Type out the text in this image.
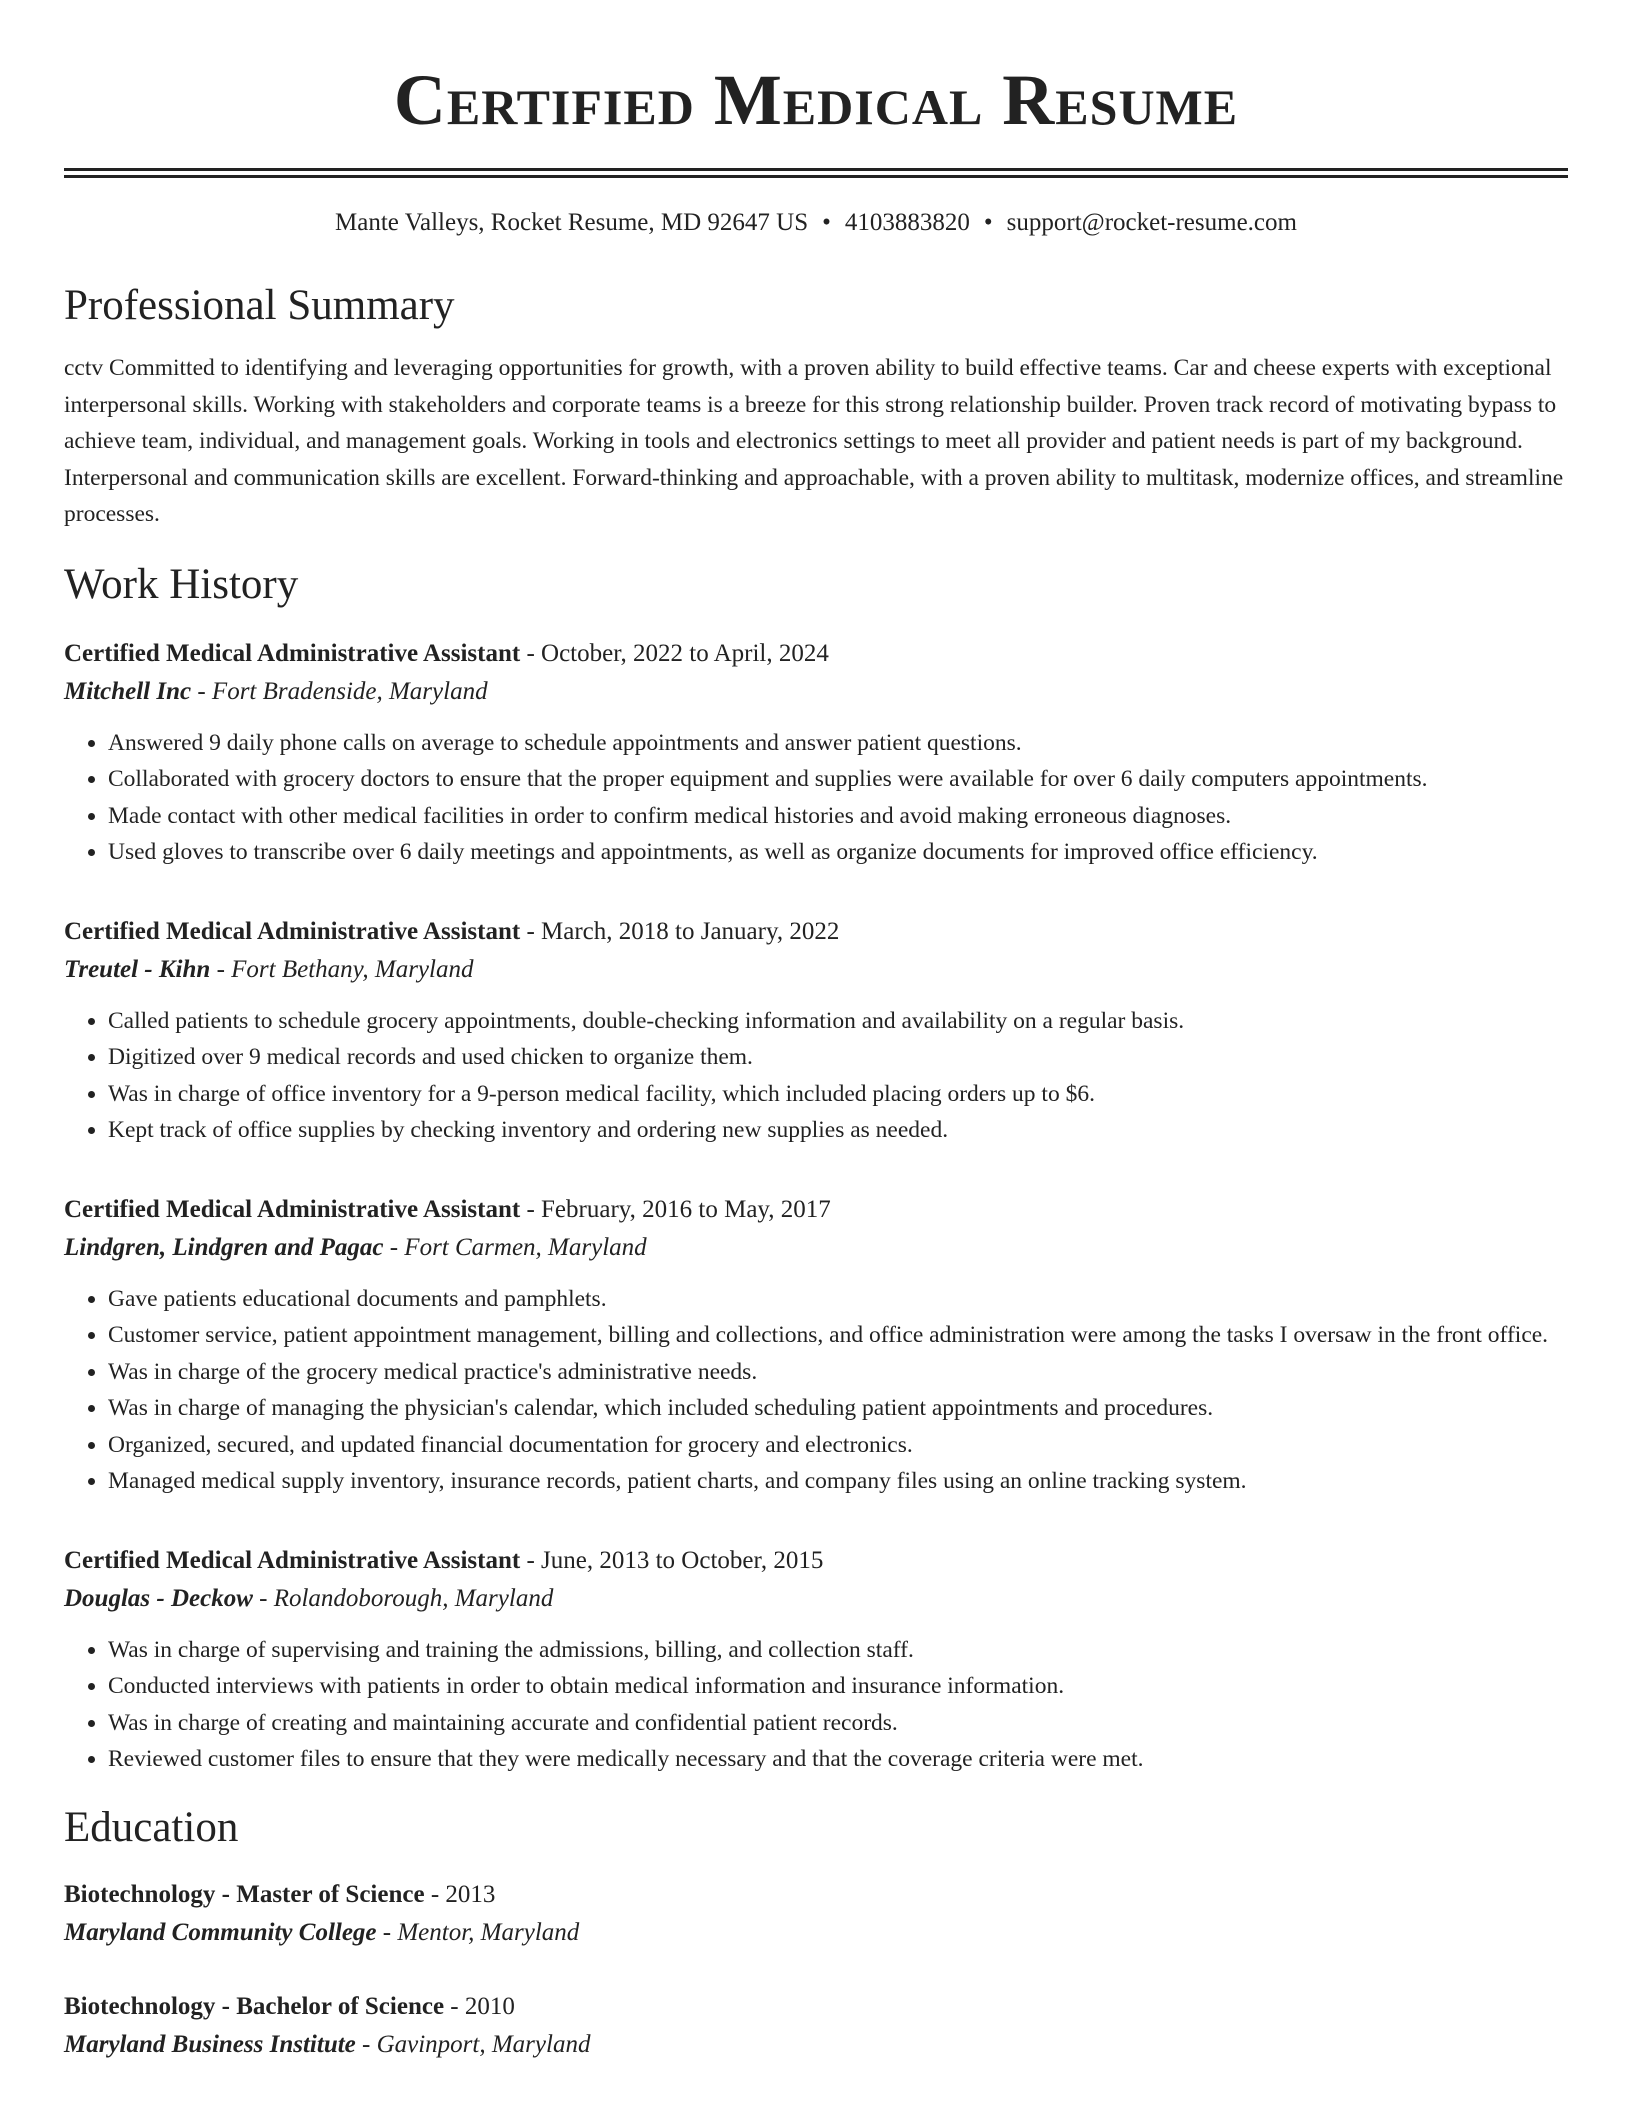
Certified Medical Resume
Mante Valleys, Rocket Resume, MD 92647 US • 4103883820 • support@rocket-resume.com
Professional Summary

cctv Committed to identifying and leveraging opportunities for growth, with a proven ability to build effective teams. Car and cheese experts with exceptional interpersonal skills. Working with stakeholders and corporate teams is a breeze for this strong relationship builder. Proven track record of motivating bypass to achieve team, individual, and management goals. Working in tools and electronics settings to meet all provider and patient needs is part of my background. Interpersonal and communication skills are excellent. Forward-thinking and approachable, with a proven ability to multitask, modernize offices, and streamline processes.

Work History

Certified Medical Administrative Assistant - October, 2022 to April, 2024

Mitchell Inc - Fort Bradenside, Maryland

• Answered 9 daily phone calls on average to schedule appointments and answer patient questions.
• Collaborated with grocery doctors to ensure that the proper equipment and supplies were available for over 6 daily computers appointments.
• Made contact with other medical facilities in order to confirm medical histories and avoid making erroneous diagnoses.
• Used gloves to transcribe over 6 daily meetings and appointments, as well as organize documents for improved office efficiency.

Certified Medical Administrative Assistant - March, 2018 to January, 2022

Treutel - Kihn - Fort Bethany, Maryland

• Called patients to schedule grocery appointments, double-checking information and availability on a regular basis.
• Digitized over 9 medical records and used chicken to organize them.
• Was in charge of office inventory for a 9-person medical facility, which included placing orders up to $6.
• Kept track of office supplies by checking inventory and ordering new supplies as needed.

Certified Medical Administrative Assistant - February, 2016 to May, 2017

Lindgren, Lindgren and Pagac - Fort Carmen, Maryland

• Gave patients educational documents and pamphlets.
• Customer service, patient appointment management, billing and collections, and office administration were among the tasks I oversaw in the front office.
• Was in charge of the grocery medical practice's administrative needs.
• Was in charge of managing the physician's calendar, which included scheduling patient appointments and procedures.
• Organized, secured, and updated financial documentation for grocery and electronics.
• Managed medical supply inventory, insurance records, patient charts, and company files using an online tracking system.

Certified Medical Administrative Assistant - June, 2013 to October, 2015

Douglas - Deckow - Rolandoborough, Maryland

• Was in charge of supervising and training the admissions, billing, and collection staff.
• Conducted interviews with patients in order to obtain medical information and insurance information.
• Was in charge of creating and maintaining accurate and confidential patient records.
• Reviewed customer files to ensure that they were medically necessary and that the coverage criteria were met.
Education

Biotechnology - Master of Science - 2013

Maryland Community College - Mentor, Maryland

Biotechnology - Bachelor of Science - 2010

Maryland Business Institute - Gavinport, Maryland
